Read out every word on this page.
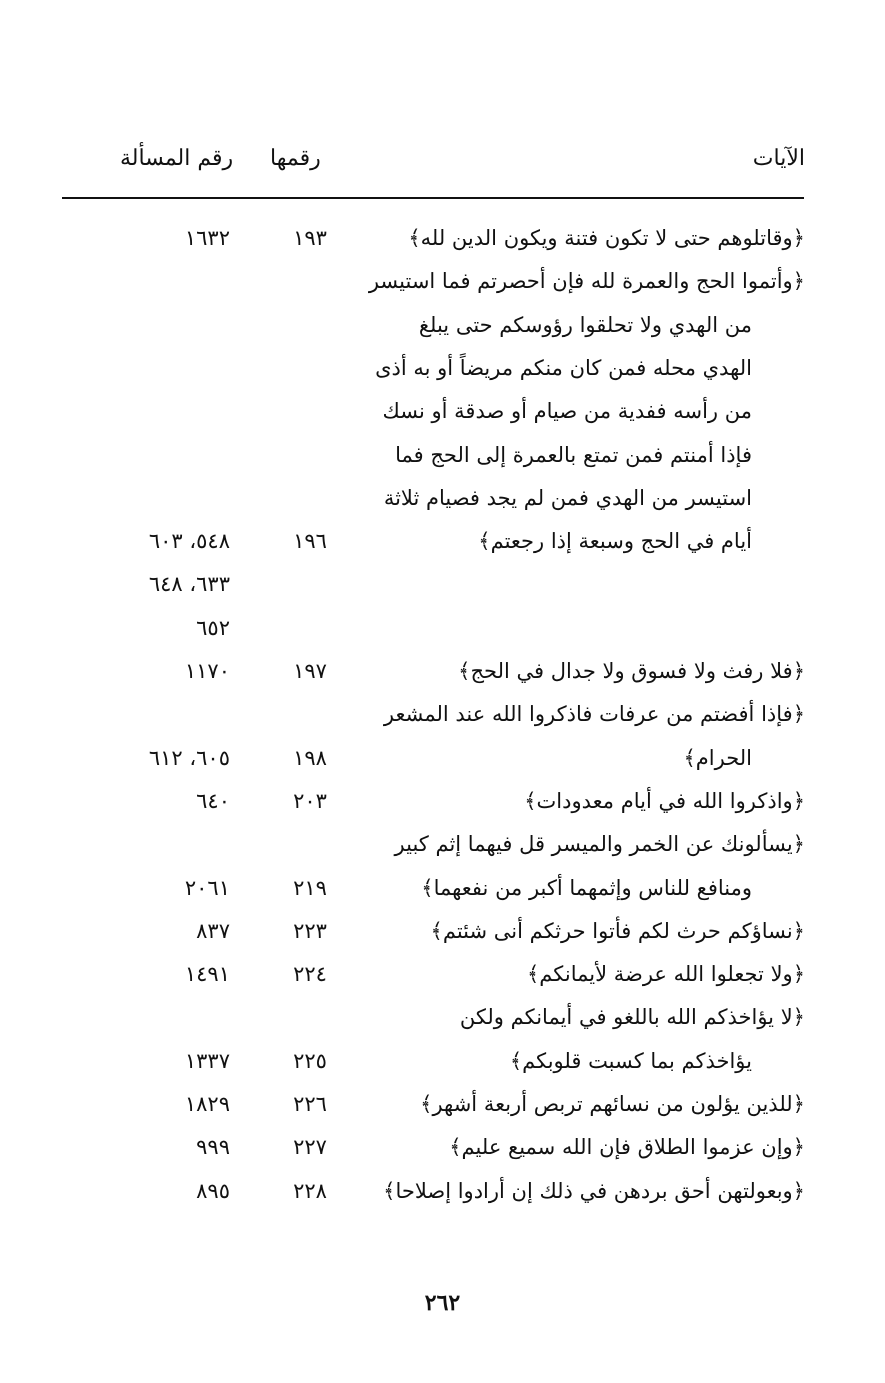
الآيات
رقمها
رقم المسألة
﴿وقاتلوهم حتى لا تكون فتنة ويكون الدين لله﴾
١٩٣
١٦٣٢
﴿وأتموا الحج والعمرة لله فإن أحصرتم فما استيسر
من الهدي ولا تحلقوا رؤوسكم حتى يبلغ
الهدي محله فمن كان منكم مريضاً أو به أذى
من رأسه ففدية من صيام أو صدقة أو نسك
فإذا أمنتم فمن تمتع بالعمرة إلى الحج فما
استيسر من الهدي فمن لم يجد فصيام ثلاثة
أيام في الحج وسبعة إذا رجعتم﴾
١٩٦
٥٤٨، ٦٠٣
٦٣٣، ٦٤٨
٦٥٢
﴿فلا رفث ولا فسوق ولا جدال في الحج﴾
١٩٧
١١٧٠
﴿فإذا أفضتم من عرفات فاذكروا الله عند المشعر
الحرام﴾
١٩٨
٦٠٥، ٦١٢
﴿واذكروا الله في أيام معدودات﴾
٢٠٣
٦٤٠
﴿يسألونك عن الخمر والميسر قل فيهما إثم كبير
ومنافع للناس وإثمهما أكبر من نفعهما﴾
٢١٩
٢٠٦١
﴿نساؤكم حرث لكم فأتوا حرثكم أنى شئتم﴾
٢٢٣
٨٣٧
﴿ولا تجعلوا الله عرضة لأيمانكم﴾
٢٢٤
١٤٩١
﴿لا يؤاخذكم الله باللغو في أيمانكم ولكن
يؤاخذكم بما كسبت قلوبكم﴾
٢٢٥
١٣٣٧
﴿للذين يؤلون من نسائهم تربص أربعة أشهر﴾
٢٢٦
١٨٢٩
﴿وإن عزموا الطلاق فإن الله سميع عليم﴾
٢٢٧
٩٩٩
﴿وبعولتهن أحق بردهن في ذلك إن أرادوا إصلاحا﴾
٢٢٨
٨٩٥
٢٦٢
